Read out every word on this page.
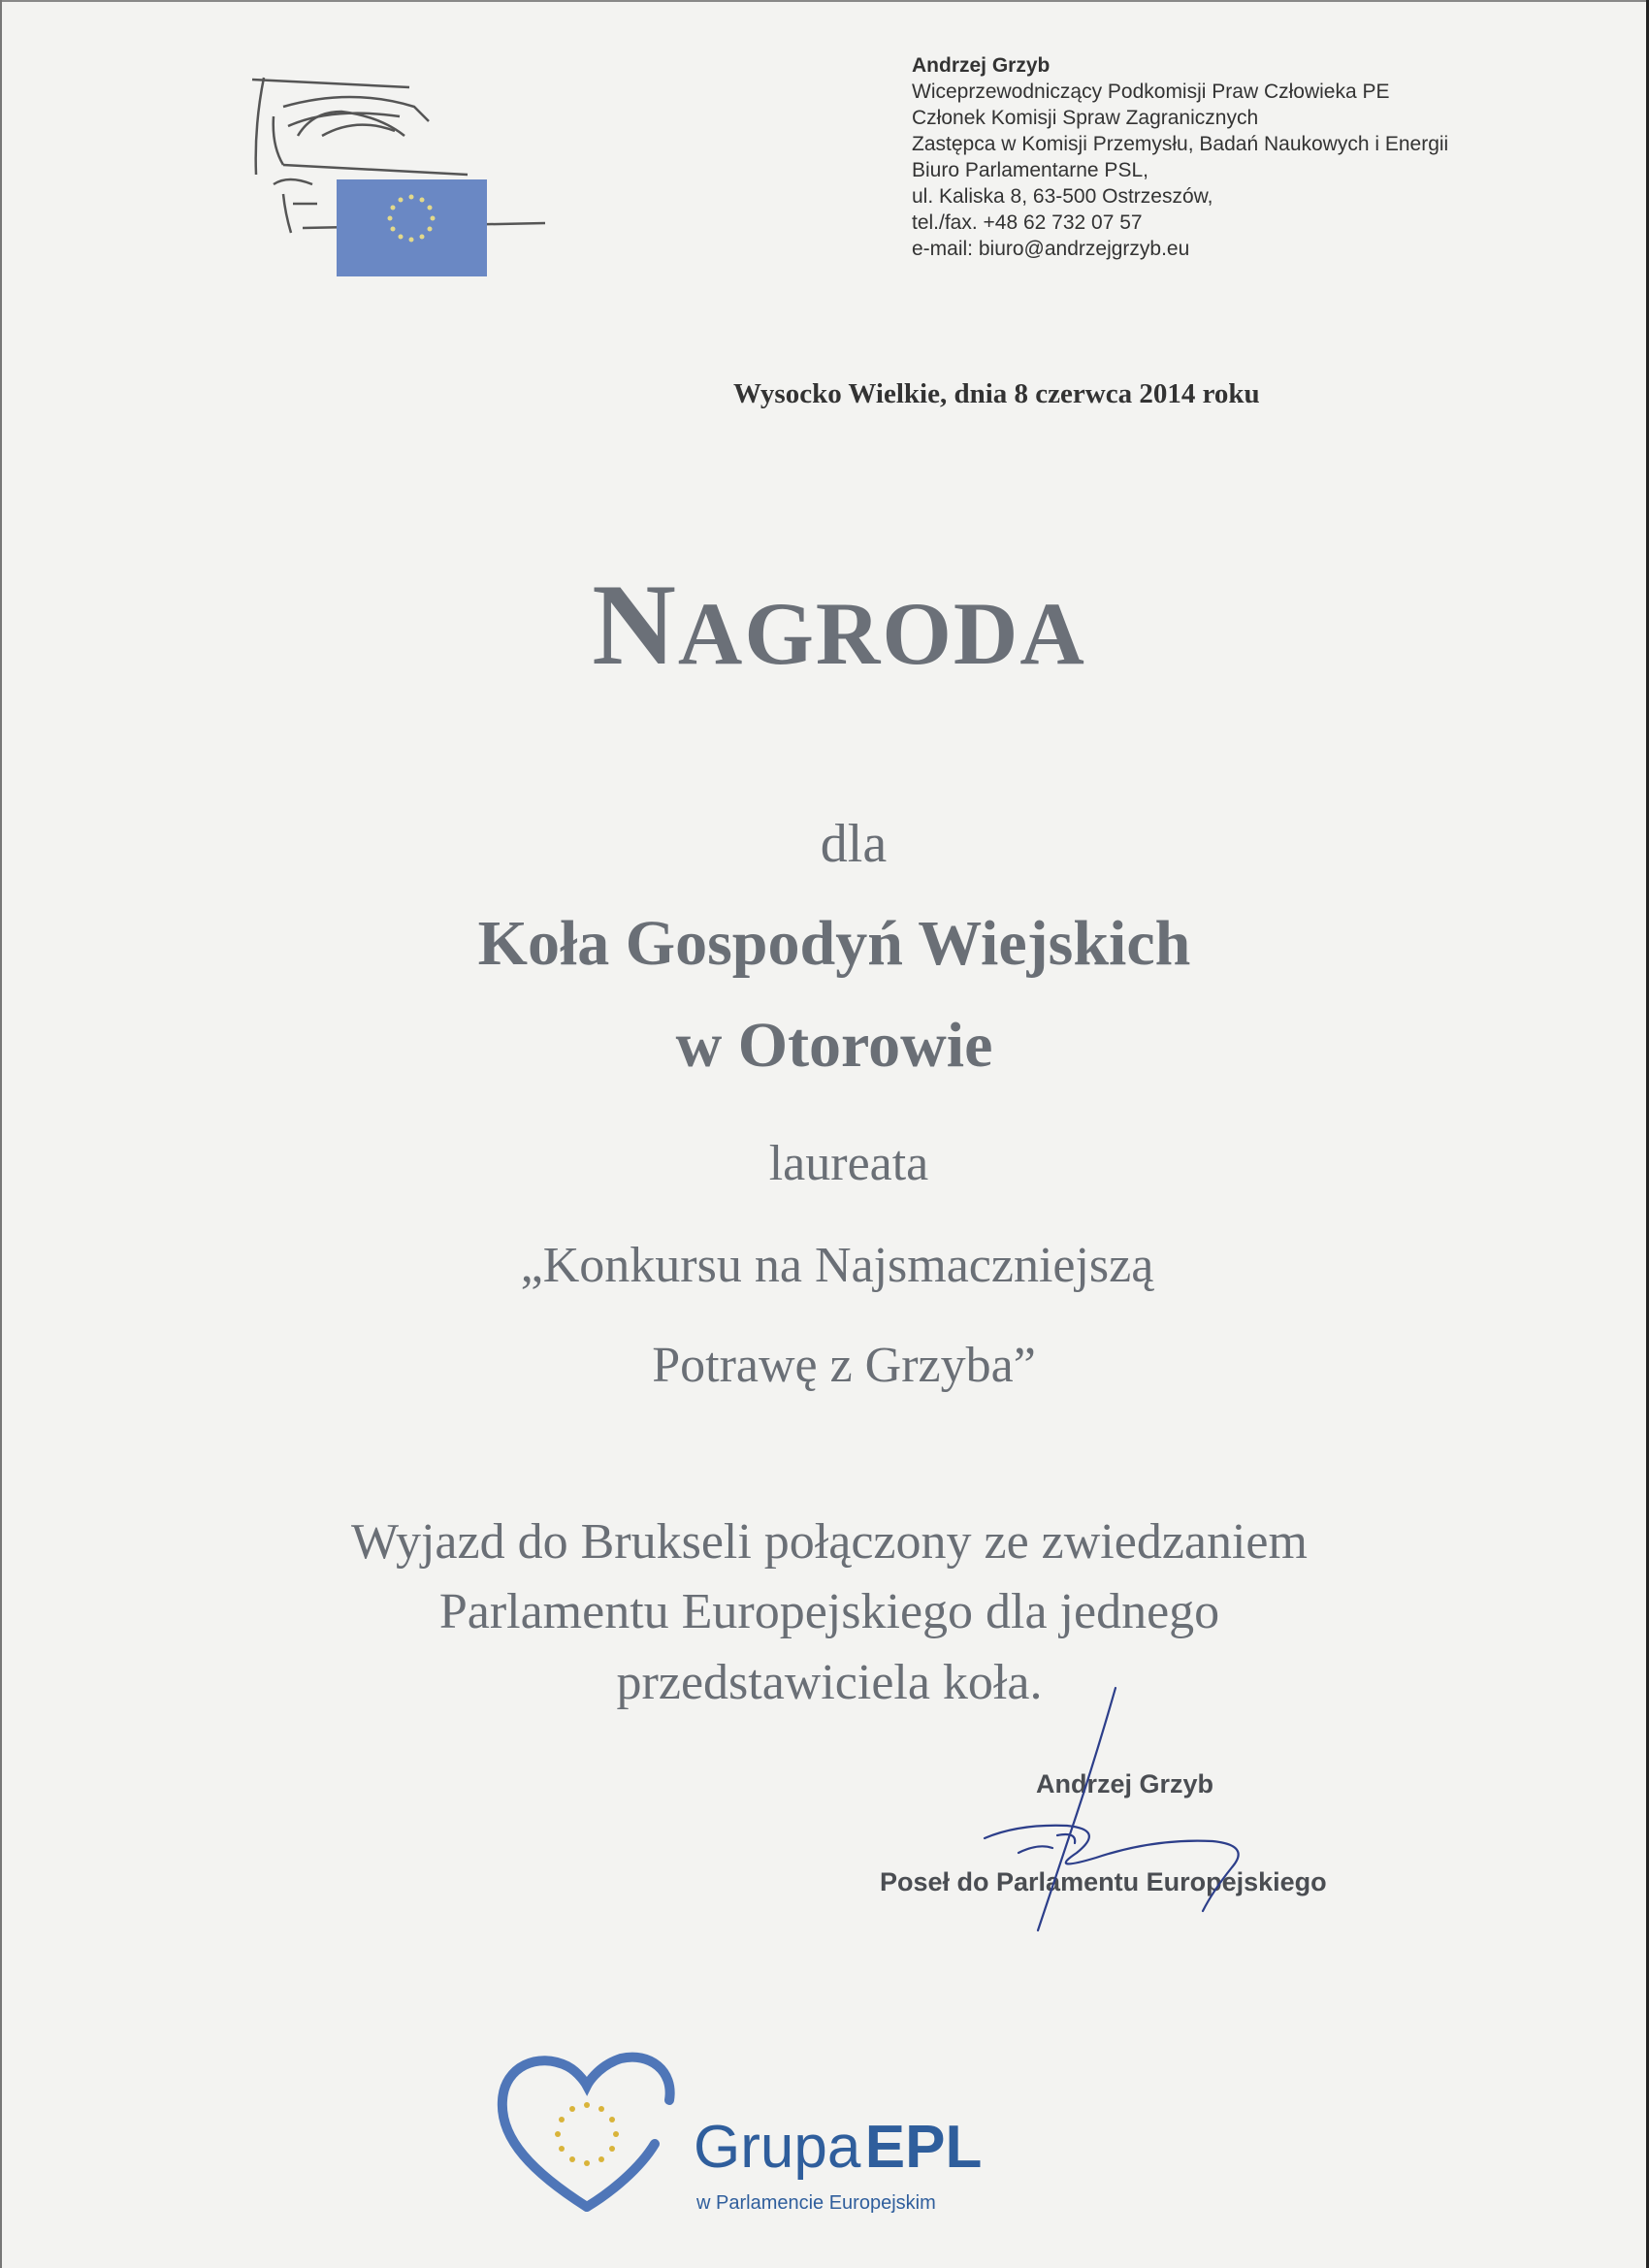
Andrzej Grzyb
Wiceprzewodniczący Podkomisji Praw Człowieka PE
Członek Komisji Spraw Zagranicznych
Zastępca w Komisji Przemysłu, Badań Naukowych i Energii
Biuro Parlamentarne PSL,
ul. Kaliska 8, 63-500 Ostrzeszów,
tel./fax. +48 62 732 07 57
e-mail: biuro@andrzejgrzyb.eu
Wysocko Wielkie, dnia 8 czerwca 2014 roku
NAGRODA
dla
Koła Gospodyń Wiejskich
w Otorowie
laureata
„Konkursu na Najsmaczniejszą
Potrawę z Grzyba”
Wyjazd do Brukseli połączony ze zwiedzaniem
Parlamentu Europejskiego dla jednego
przedstawiciela koła.
Andrzej Grzyb
Poseł do Parlamentu Europejskiego
Grupa EPL
w Parlamencie Europejskim
